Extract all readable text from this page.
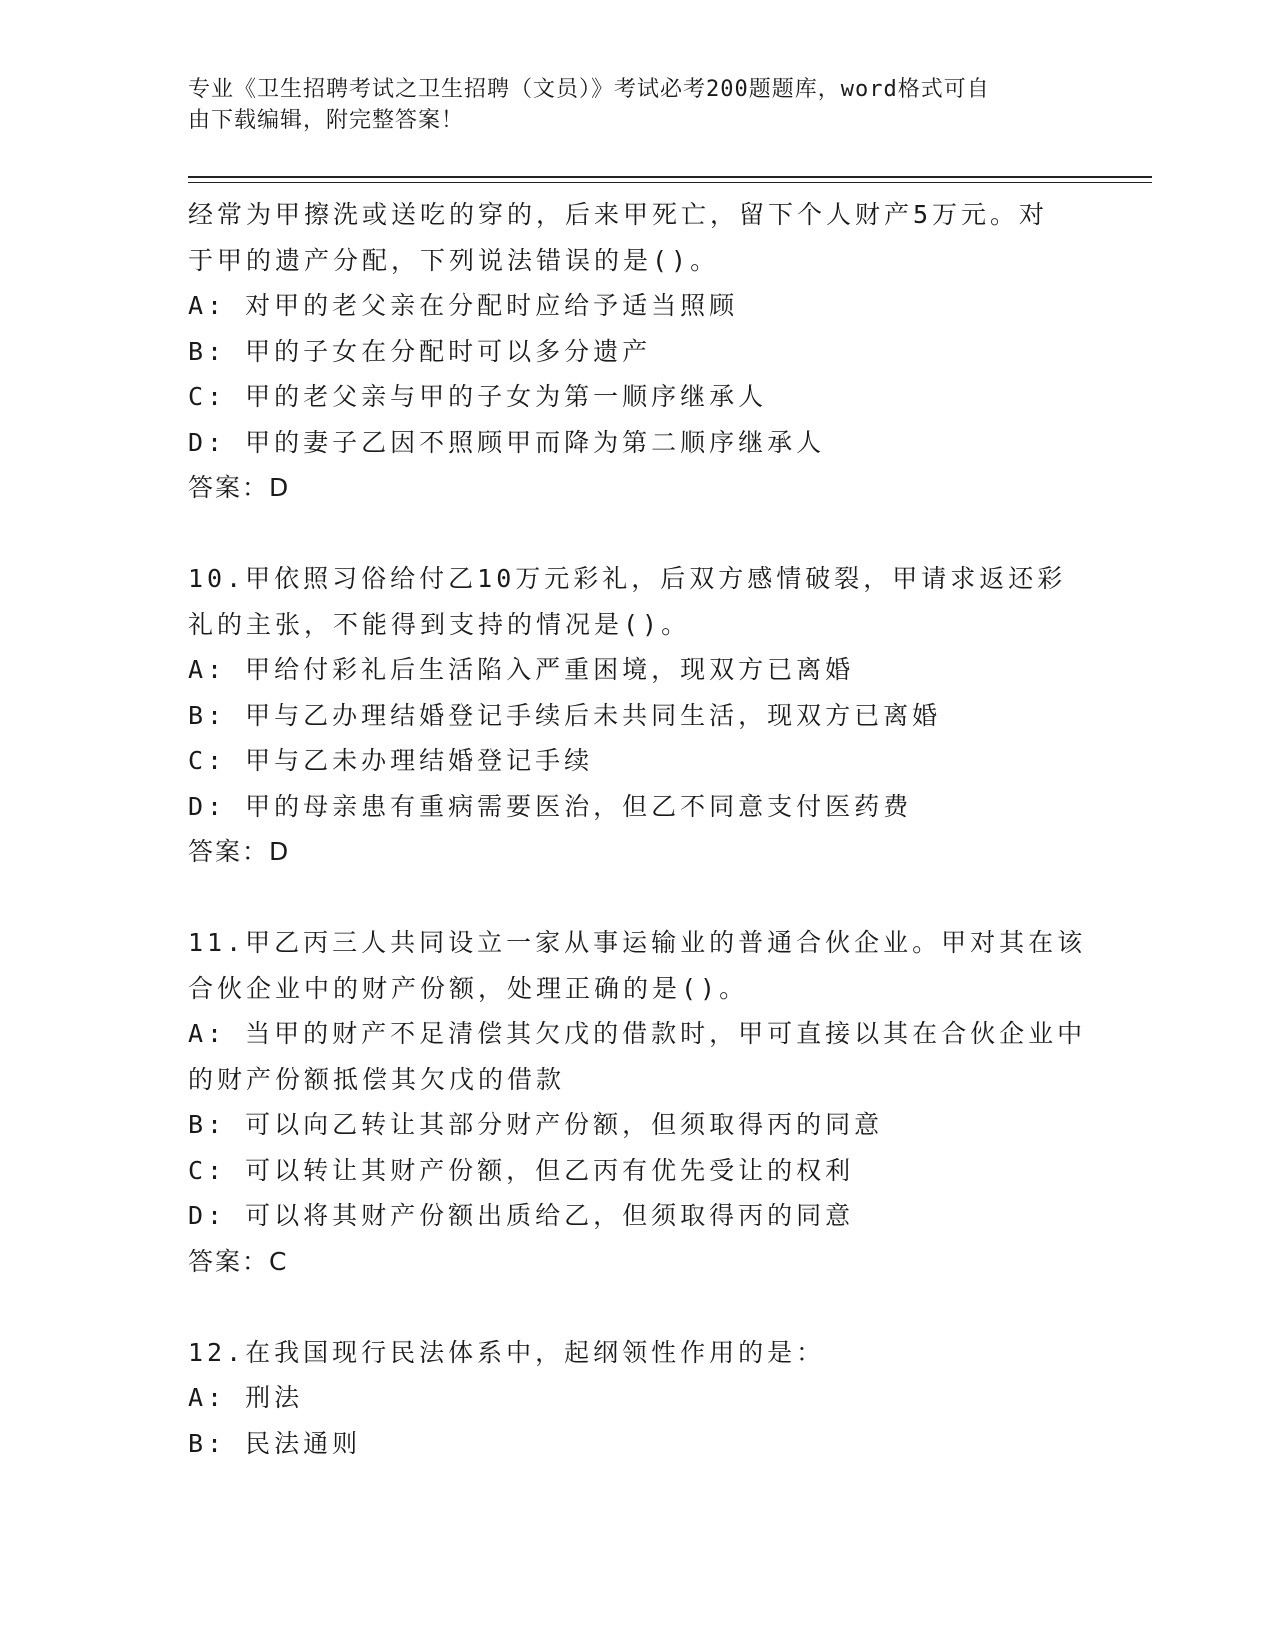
专业《卫生招聘考试之卫生招聘（文员）》考试必考200题题库，word格式可自
由下载编辑，附完整答案！
经常为甲擦洗或送吃的穿的，后来甲死亡，留下个人财产5万元。对
于甲的遗产分配，下列说法错误的是()。
A: 对甲的老父亲在分配时应给予适当照顾
B: 甲的子女在分配时可以多分遗产
C: 甲的老父亲与甲的子女为第一顺序继承人
D: 甲的妻子乙因不照顾甲而降为第二顺序继承人
答案：D
10.甲依照习俗给付乙10万元彩礼，后双方感情破裂，甲请求返还彩
礼的主张，不能得到支持的情况是()。
A: 甲给付彩礼后生活陷入严重困境，现双方已离婚
B: 甲与乙办理结婚登记手续后未共同生活，现双方已离婚
C: 甲与乙未办理结婚登记手续
D: 甲的母亲患有重病需要医治，但乙不同意支付医药费
答案：D
11.甲乙丙三人共同设立一家从事运输业的普通合伙企业。甲对其在该
合伙企业中的财产份额，处理正确的是()。
A: 当甲的财产不足清偿其欠戊的借款时，甲可直接以其在合伙企业中
的财产份额抵偿其欠戊的借款
B: 可以向乙转让其部分财产份额，但须取得丙的同意
C: 可以转让其财产份额，但乙丙有优先受让的权利
D: 可以将其财产份额出质给乙，但须取得丙的同意
答案：C
12.在我国现行民法体系中，起纲领性作用的是：
A: 刑法
B: 民法通则
